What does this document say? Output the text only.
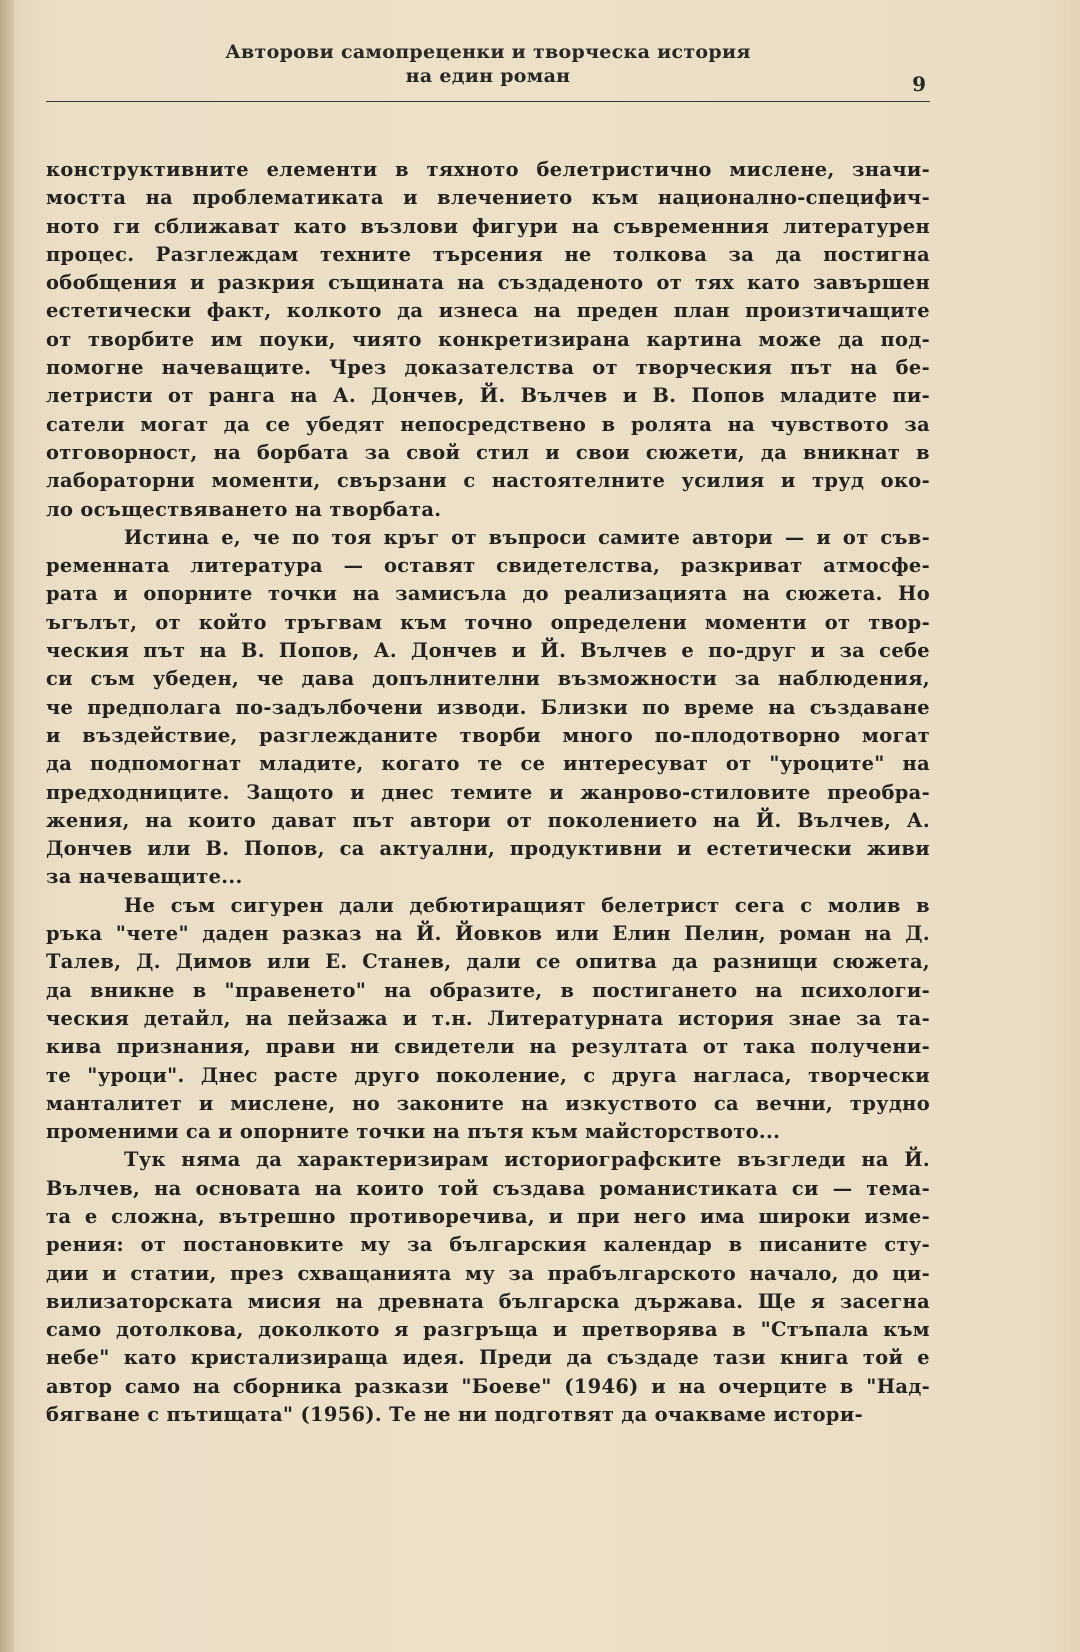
Авторови самопреценки и творческа история
на един роман	9
конструктивните елементи в тяхното белетристично мислене, значи-
мостта на проблематиката и влечението към национално-специфич-
ното ги сближават като възлови фигури на съвременния литературен
процес. Разглеждам техните търсения не толкова за да постигна
обобщения и разкрия същината на създаденото от тях като завършен
естетически факт, колкото да изнеса на преден план произтичащите
от творбите им поуки, чиято конкретизирана картина може да под-
помогне начеващите. Чрез доказателства от творческия път на бе-
летристи от ранга на А. Дончев, Й. Вълчев и В. Попов младите пи-
сатели могат да се убедят непосредствено в ролята на чувството за
отговорност, на борбата за свой стил и свои сюжети, да вникнат в
лабораторни моменти, свързани с настоятелните усилия и труд око-
ло осъществяването на творбата.
Истина е, че по тоя кръг от въпроси самите автори — и от съв-
ременната литература — оставят свидетелства, разкриват атмосфе-
рата и опорните точки на замисъла до реализацията на сюжета. Но
ъгълът, от който тръгвам към точно определени моменти от твор-
ческия път на В. Попов, А. Дончев и Й. Вълчев е по-друг и за себе
си съм убеден, че дава допълнителни възможности за наблюдения,
че предполага по-задълбочени изводи. Близки по време на създаване
и въздействие, разглежданите творби много по-плодотворно могат
да подпомогнат младите, когато те се интересуват от "уроците" на
предходниците. Защото и днес темите и жанрово-стиловите преобра-
жения, на които дават път автори от поколението на Й. Вълчев, А.
Дончев или В. Попов, са актуални, продуктивни и естетически живи
за начеващите...
Не съм сигурен дали дебютиращият белетрист сега с молив в
ръка "чете" даден разказ на Й. Йовков или Елин Пелин, роман на Д.
Талев, Д. Димов или Е. Станев, дали се опитва да разнищи сюжета,
да вникне в "правенето" на образите, в постигането на психологи-
ческия детайл, на пейзажа и т.н. Литературната история знае за та-
кива признания, прави ни свидетели на резултата от така получени-
те "уроци". Днес расте друго поколение, с друга нагласа, творчески
манталитет и мислене, но законите на изкуството са вечни, трудно
променими са и опорните точки на пътя към майсторството...
Тук няма да характеризирам историографските възгледи на Й.
Вълчев, на основата на които той създава романистиката си — тема-
та е сложна, вътрешно противоречива, и при него има широки изме-
рения: от постановките му за българския календар в писаните сту-
дии и статии, през схващанията му за прабългарското начало, до ци-
вилизаторската мисия на древната българска държава. Ще я засегна
само дотолкова, доколкото я разгръща и претворява в "Стъпала към
небе" като кристализираща идея. Преди да създаде тази книга той е
автор само на сборника разкази "Боеве" (1946) и на очерците в "Над-
бягване с пътищата" (1956). Те не ни подготвят да очакваме истори-
